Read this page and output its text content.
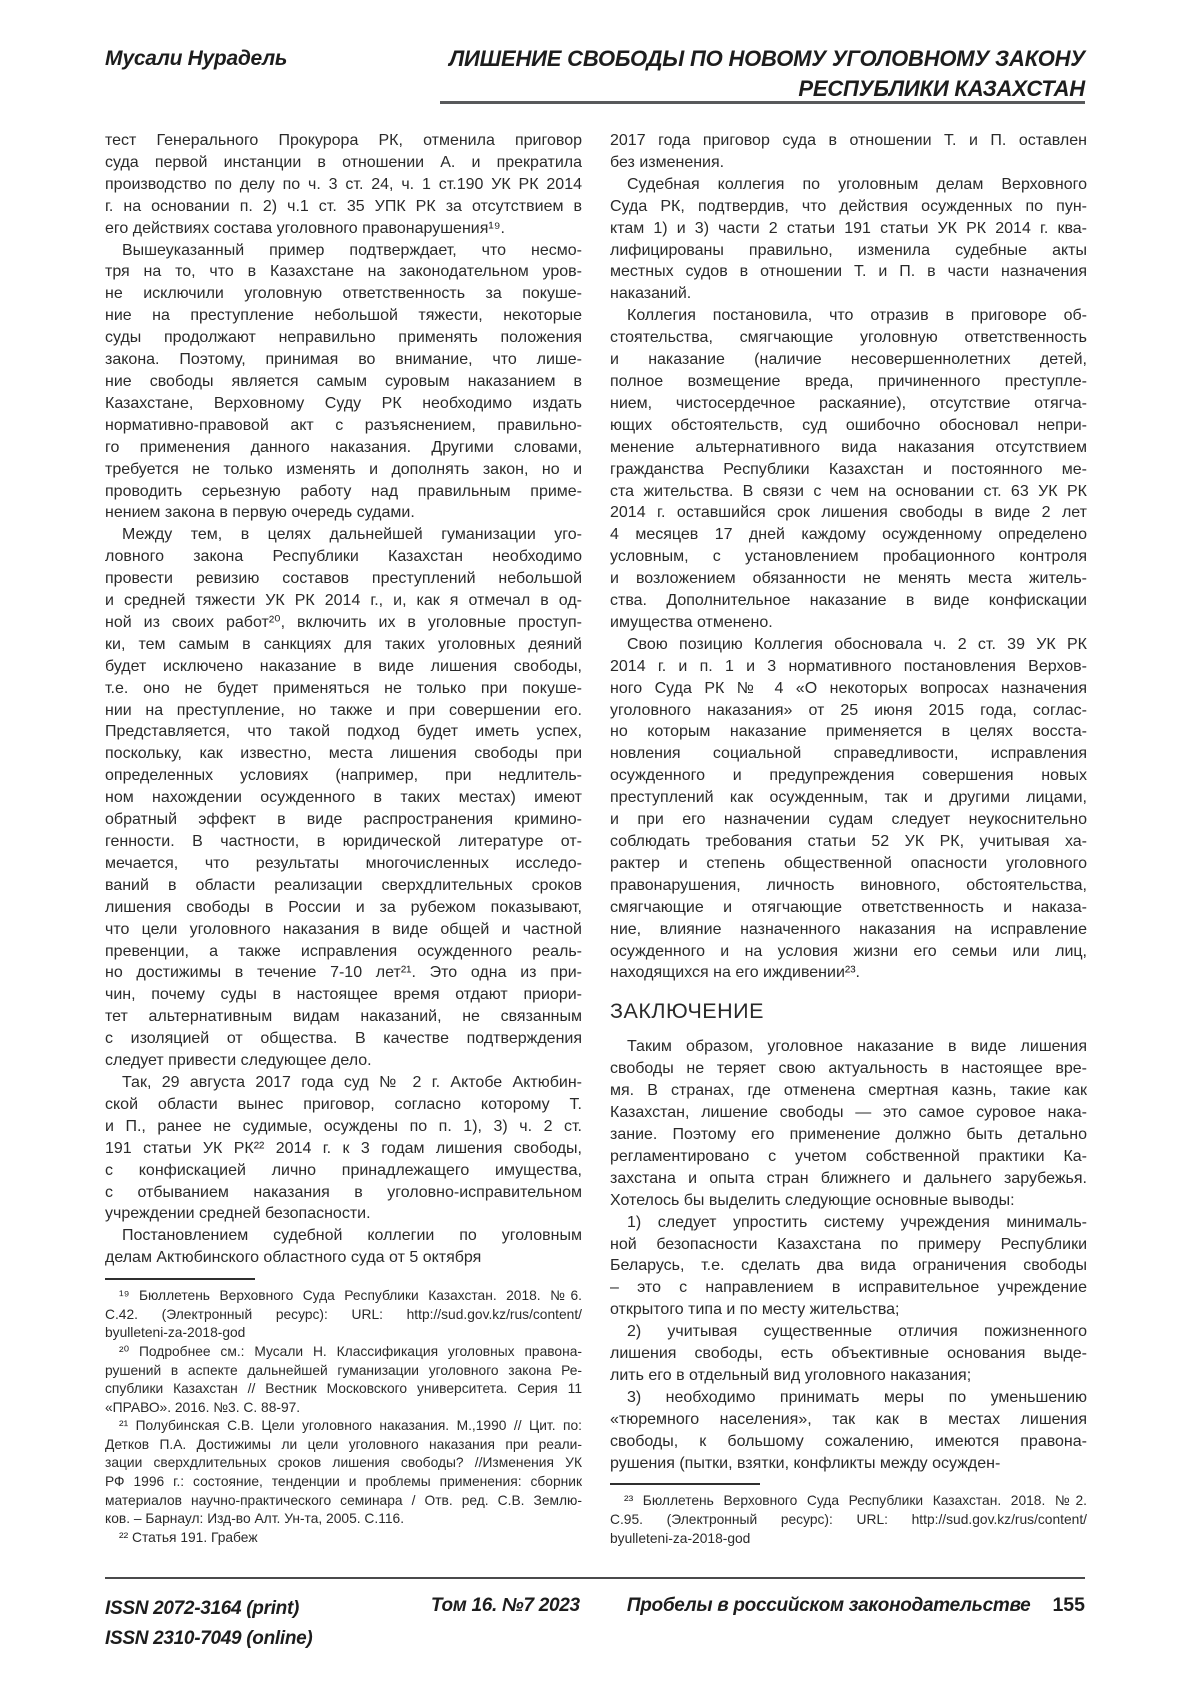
Мусали Нурадель	ЛИШЕНИЕ СВОБОДЫ ПО НОВОМУ УГОЛОВНОМУ ЗАКОНУ
РЕСПУБЛИКИ КАЗАХСТАН
тест Генерального Прокурора РК, отменила приговор
суда первой инстанции в отношении А. и прекратила
производство по делу по ч. 3 ст. 24, ч. 1 ст.190 УК РК 2014
г. на основании п. 2) ч.1 ст. 35 УПК РК за отсутствием в
его действиях состава уголовного правонарушения¹⁹.
Вышеуказанный пример подтверждает, что несмо-
тря на то, что в Казахстане на законодательном уров-
не исключили уголовную ответственность за покуше-
ние на преступление небольшой тяжести, некоторые
суды продолжают неправильно применять положения
закона. Поэтому, принимая во внимание, что лише-
ние свободы является самым суровым наказанием в
Казахстане, Верховному Суду РК необходимо издать
нормативно-правовой акт с разъяснением, правильно-
го применения данного наказания. Другими словами,
требуется не только изменять и дополнять закон, но и
проводить серьезную работу над правильным приме-
нением закона в первую очередь судами.
Между тем, в целях дальнейшей гуманизации уго-
ловного закона Республики Казахстан необходимо
провести ревизию составов преступлений небольшой
и средней тяжести УК РК 2014 г., и, как я отмечал в од-
ной из своих работ²⁰, включить их в уголовные проступ-
ки, тем самым в санкциях для таких уголовных деяний
будет исключено наказание в виде лишения свободы,
т.е. оно не будет применяться не только при покуше-
нии на преступление, но также и при совершении его.
Представляется, что такой подход будет иметь успех,
поскольку, как известно, места лишения свободы при
определенных условиях (например, при недлитель-
ном нахождении осужденного в таких местах) имеют
обратный эффект в виде распространения кримино-
генности. В частности, в юридической литературе от-
мечается, что результаты многочисленных исследо-
ваний в области реализации сверхдлительных сроков
лишения свободы в России и за рубежом показывают,
что цели уголовного наказания в виде общей и частной
превенции, а также исправления осужденного реаль-
но достижимы в течение 7-10 лет²¹. Это одна из при-
чин, почему суды в настоящее время отдают приори-
тет альтернативным видам наказаний, не связанным
с изоляцией от общества. В качестве подтверждения
следует привести следующее дело.
Так, 29 августа 2017 года суд № 2 г. Актобе Актюбин-
ской области вынес приговор, согласно которому Т.
и П., ранее не судимые, осуждены по п. 1), 3) ч. 2 ст.
191 статьи УК РК²² 2014 г. к 3 годам лишения свободы,
с конфискацией лично принадлежащего имущества,
с отбыванием наказания в уголовно-исправительном
учреждении средней безопасности.
Постановлением судебной коллегии по уголовным
делам Актюбинского областного суда от 5 октября
¹⁹ Бюллетень Верховного Суда Республики Казахстан. 2018. №6.
С.42. (Электронный ресурс): URL: http://sud.gov.kz/rus/content/
byulleteni-za-2018-god
²⁰ Подробнее см.: Мусали Н. Классификация уголовных правона-
рушений в аспекте дальнейшей гуманизации уголовного закона Ре-
спублики Казахстан // Вестник Московского университета. Серия 11
«ПРАВО». 2016. №3. С. 88-97.
²¹ Полубинская С.В. Цели уголовного наказания. М.,1990 // Цит. по:
Детков П.А. Достижимы ли цели уголовного наказания при реали-
зации сверхдлительных сроков лишения свободы? //Изменения УК
РФ 1996 г.: состояние, тенденции и проблемы применения: сборник
материалов научно-практического семинара / Отв. ред. С.В. Землю-
ков. – Барнаул: Изд-во Алт. Ун-та, 2005. С.116.
²² Статья 191. Грабеж
2017 года приговор суда в отношении Т. и П. оставлен
без изменения.
Судебная коллегия по уголовным делам Верховного
Суда РК, подтвердив, что действия осужденных по пун-
ктам 1) и 3) части 2 статьи 191 статьи УК РК 2014 г. ква-
лифицированы правильно, изменила судебные акты
местных судов в отношении Т. и П. в части назначения
наказаний.
Коллегия постановила, что отразив в приговоре об-
стоятельства, смягчающие уголовную ответственность
и наказание (наличие несовершеннолетних детей,
полное возмещение вреда, причиненного преступле-
нием, чистосердечное раскаяние), отсутствие отягча-
ющих обстоятельств, суд ошибочно обосновал непри-
менение альтернативного вида наказания отсутствием
гражданства Республики Казахстан и постоянного ме-
ста жительства. В связи с чем на основании ст. 63 УК РК
2014 г. оставшийся срок лишения свободы в виде 2 лет
4 месяцев 17 дней каждому осужденному определено
условным, с установлением пробационного контроля
и возложением обязанности не менять места житель-
ства. Дополнительное наказание в виде конфискации
имущества отменено.
Свою позицию Коллегия обосновала ч. 2 ст. 39 УК РК
2014 г. и п. 1 и 3 нормативного постановления Верхов-
ного Суда РК № 4 «О некоторых вопросах назначения
уголовного наказания» от 25 июня 2015 года, соглас-
но которым наказание применяется в целях восста-
новления социальной справедливости, исправления
осужденного и предупреждения совершения новых
преступлений как осужденным, так и другими лицами,
и при его назначении судам следует неукоснительно
соблюдать требования статьи 52 УК РК, учитывая ха-
рактер и степень общественной опасности уголовного
правонарушения, личность виновного, обстоятельства,
смягчающие и отягчающие ответственность и наказа-
ние, влияние назначенного наказания на исправление
осужденного и на условия жизни его семьи или лиц,
находящихся на его иждивении²³.
ЗАКЛЮЧЕНИЕ
Таким образом, уголовное наказание в виде лишения
свободы не теряет свою актуальность в настоящее вре-
мя. В странах, где отменена смертная казнь, такие как
Казахстан, лишение свободы — это самое суровое нака-
зание. Поэтому его применение должно быть детально
регламентировано с учетом собственной практики Ка-
захстана и опыта стран ближнего и дальнего зарубежья.
Хотелось бы выделить следующие основные выводы:
1) следует упростить систему учреждения минималь-
ной безопасности Казахстана по примеру Республики
Беларусь, т.е. сделать два вида ограничения свободы
– это с направлением в исправительное учреждение
открытого типа и по месту жительства;
2) учитывая существенные отличия пожизненного
лишения свободы, есть объективные основания выде-
лить его в отдельный вид уголовного наказания;
3) необходимо принимать меры по уменьшению
«тюремного населения», так как в местах лишения
свободы, к большому сожалению, имеются правона-
рушения (пытки, взятки, конфликты между осужден-
²³ Бюллетень Верховного Суда Республики Казахстан. 2018. №2.
С.95. (Электронный ресурс): URL: http://sud.gov.kz/rus/content/
byulleteni-za-2018-god
ISSN 2072-3164 (print)
ISSN 2310-7049 (online)
Том 16. №7 2023 Пробелы в российском законодательстве 155
